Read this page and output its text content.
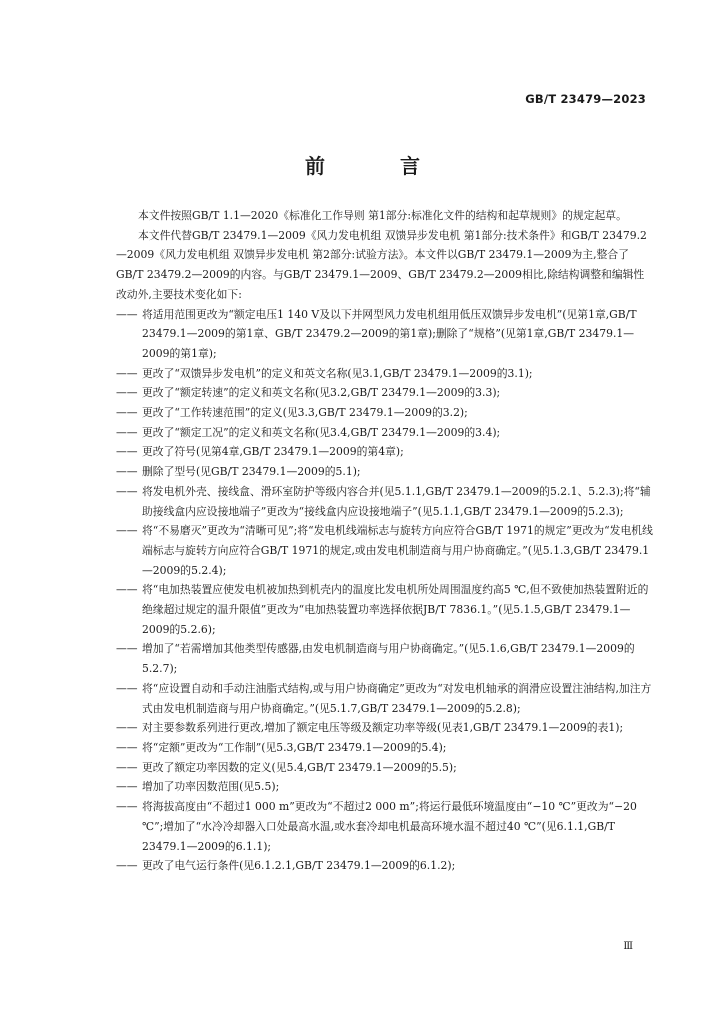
GB/T 23479—2023
前 言

本文件按照GB/T 1.1—2020《标准化工作导则 第1部分:标准化文件的结构和起草规则》的规定起草。

本文件代替GB/T 23479.1—2009《风力发电机组 双馈异步发电机 第1部分:技术条件》和GB/T 23479.2—2009《风力发电机组 双馈异步发电机 第2部分:试验方法》。本文件以GB/T 23479.1—2009为主,整合了GB/T 23479.2—2009的内容。与GB/T 23479.1—2009、GB/T 23479.2—2009相比,除结构调整和编辑性改动外,主要技术变化如下:

—— 将适用范围更改为“额定电压1 140 V及以下并网型风力发电机组用低压双馈异步发电机”(见第1章,GB/T 23479.1—2009的第1章、GB/T 23479.2—2009的第1章);删除了“规格”(见第1章,GB/T 23479.1—2009的第1章);

—— 更改了“双馈异步发电机”的定义和英文名称(见3.1,GB/T 23479.1—2009的3.1);

—— 更改了“额定转速”的定义和英文名称(见3.2,GB/T 23479.1—2009的3.3);

—— 更改了“工作转速范围”的定义(见3.3,GB/T 23479.1—2009的3.2);

—— 更改了“额定工况”的定义和英文名称(见3.4,GB/T 23479.1—2009的3.4);

—— 更改了符号(见第4章,GB/T 23479.1—2009的第4章);

—— 删除了型号(见GB/T 23479.1—2009的5.1);

—— 将发电机外壳、接线盒、滑环室防护等级内容合并(见5.1.1,GB/T 23479.1—2009的5.2.1、5.2.3);将“辅助接线盒内应设接地端子”更改为“接线盒内应设接地端子”(见5.1.1,GB/T 23479.1—2009的5.2.3);

—— 将“不易磨灭”更改为“清晰可见”;将“发电机线端标志与旋转方向应符合GB/T 1971的规定”更改为“发电机线端标志与旋转方向应符合GB/T 1971的规定,或由发电机制造商与用户协商确定。”(见5.1.3,GB/T 23479.1—2009的5.2.4);

—— 将“电加热装置应使发电机被加热到机壳内的温度比发电机所处周围温度约高5 ℃,但不致使加热装置附近的绝缘超过规定的温升限值”更改为“电加热装置功率选择依据JB/T 7836.1。”(见5.1.5,GB/T 23479.1—2009的5.2.6);

—— 增加了“若需增加其他类型传感器,由发电机制造商与用户协商确定。”(见5.1.6,GB/T 23479.1—2009的5.2.7);

—— 将“应设置自动和手动注油脂式结构,或与用户协商确定”更改为“对发电机轴承的润滑应设置注油结构,加注方式由发电机制造商与用户协商确定。”(见5.1.7,GB/T 23479.1—2009的5.2.8);

—— 对主要参数系列进行更改,增加了额定电压等级及额定功率等级(见表1,GB/T 23479.1—2009的表1);

—— 将“定额”更改为“工作制”(见5.3,GB/T 23479.1—2009的5.4);

—— 更改了额定功率因数的定义(见5.4,GB/T 23479.1—2009的5.5);

—— 增加了功率因数范围(见5.5);

—— 将海拔高度由“不超过1 000 m”更改为“不超过2 000 m”;将运行最低环境温度由“−10 ℃”更改为“−20 ℃”;增加了“水冷冷却器入口处最高水温,或水套冷却电机最高环境水温不超过40 ℃”(见6.1.1,GB/T 23479.1—2009的6.1.1);

—— 更改了电气运行条件(见6.1.2.1,GB/T 23479.1—2009的6.1.2);

Ⅲ
